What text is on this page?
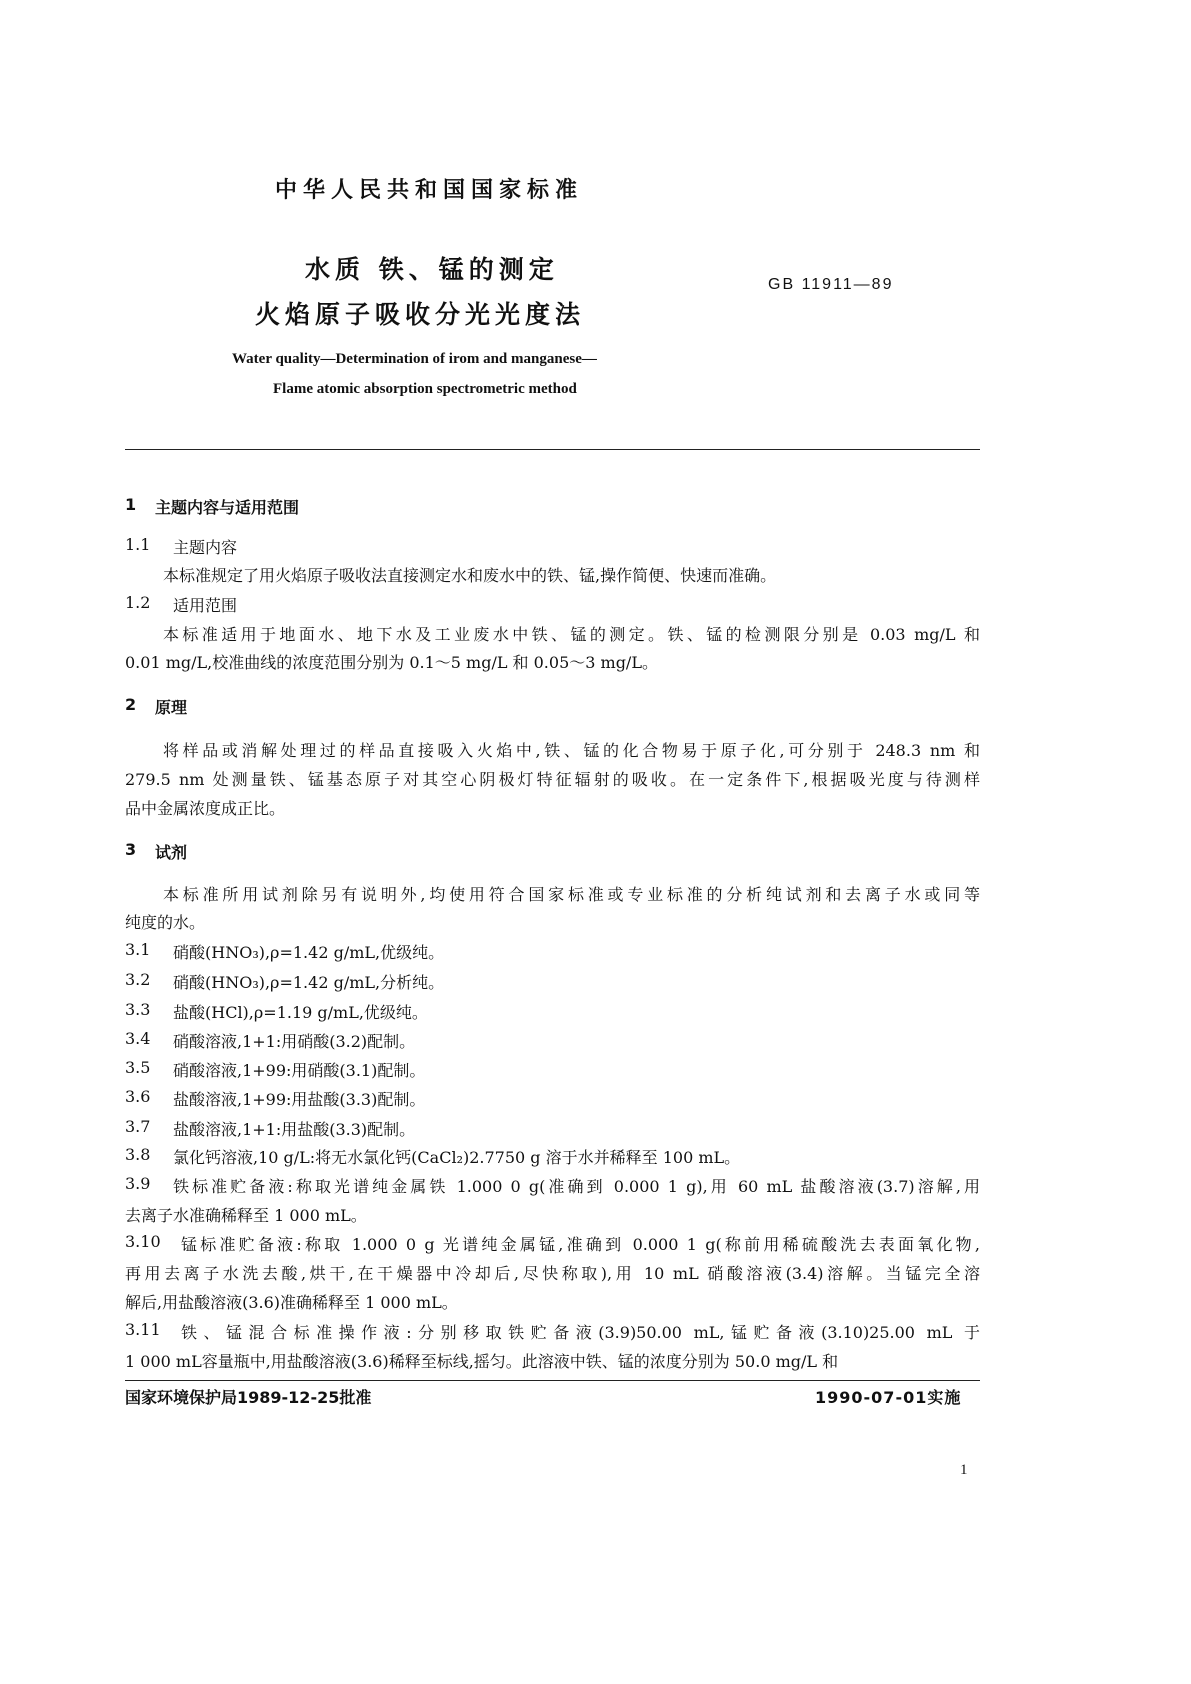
中华人民共和国国家标准
水质 铁、锰的测定
火焰原子吸收分光光度法
GB 11911—89
Water quality—Determination of irom and manganese—
Flame atomic absorption spectrometric method
1 主题内容与适用范围
1.1 主题内容
本标准规定了用火焰原子吸收法直接测定水和废水中的铁、锰,操作简便、快速而准确。
1.2 适用范围
本标准适用于地面水、地下水及工业废水中铁、锰的测定。铁、锰的检测限分别是 0.03 mg/L 和
0.01 mg/L,校准曲线的浓度范围分别为 0.1～5 mg/L 和 0.05～3 mg/L。
2 原理
将样品或消解处理过的样品直接吸入火焰中,铁、锰的化合物易于原子化,可分别于 248.3 nm 和
279.5 nm 处测量铁、锰基态原子对其空心阴极灯特征辐射的吸收。在一定条件下,根据吸光度与待测样
品中金属浓度成正比。
3 试剂
本标准所用试剂除另有说明外,均使用符合国家标准或专业标准的分析纯试剂和去离子水或同等
纯度的水。
3.1 硝酸(HNO₃),ρ=1.42 g/mL,优级纯。
3.2 硝酸(HNO₃),ρ=1.42 g/mL,分析纯。
3.3 盐酸(HCl),ρ=1.19 g/mL,优级纯。
3.4 硝酸溶液,1+1:用硝酸(3.2)配制。
3.5 硝酸溶液,1+99:用硝酸(3.1)配制。
3.6 盐酸溶液,1+99:用盐酸(3.3)配制。
3.7 盐酸溶液,1+1:用盐酸(3.3)配制。
3.8 氯化钙溶液,10 g/L:将无水氯化钙(CaCl₂)2.7750 g 溶于水并稀释至 100 mL。
3.9 铁标准贮备液:称取光谱纯金属铁 1.000 0 g(准确到 0.000 1 g),用 60 mL 盐酸溶液(3.7)溶解,用
去离子水准确稀释至 1 000 mL。
3.10 锰标准贮备液:称取 1.000 0 g 光谱纯金属锰,准确到 0.000 1 g(称前用稀硫酸洗去表面氧化物,
再用去离子水洗去酸,烘干,在干燥器中冷却后,尽快称取),用 10 mL 硝酸溶液(3.4)溶解。当锰完全溶
解后,用盐酸溶液(3.6)准确稀释至 1 000 mL。
3.11 铁、锰混合标准操作液:分别移取铁贮备液(3.9)50.00 mL,锰贮备液(3.10)25.00 mL 于
1 000 mL容量瓶中,用盐酸溶液(3.6)稀释至标线,摇匀。此溶液中铁、锰的浓度分别为 50.0 mg/L 和
国家环境保护局1989-12-25批准	1990-07-01实施
1
